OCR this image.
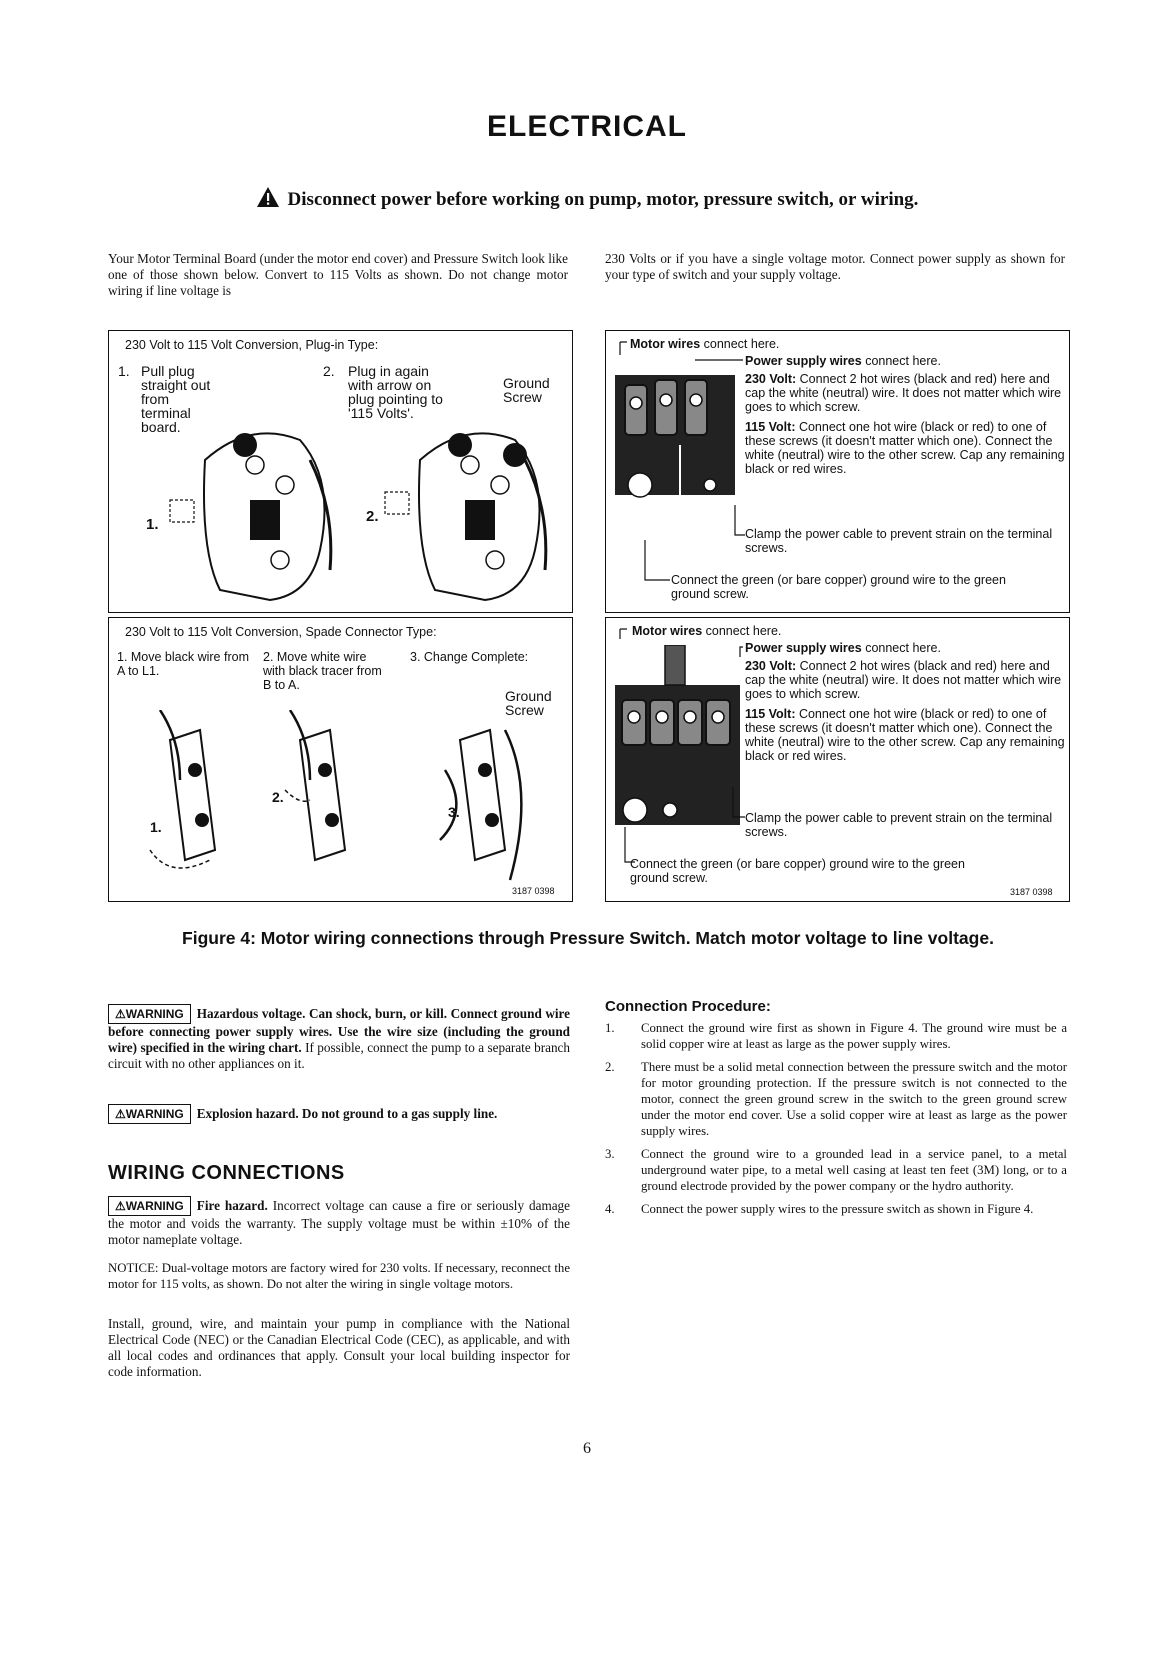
ELECTRICAL
Disconnect power before working on pump, motor, pressure switch, or wiring.
Your Motor Terminal Board (under the motor end cover) and Pressure Switch look like one of those shown below. Convert to 115 Volts as shown. Do not change motor wiring if line voltage is
230 Volts or if you have a single voltage motor. Connect power supply as shown for your type of switch and your supply voltage.
230 Volt to 115 Volt Conversion, Plug-in Type:
1. Pull plug straight out from terminal board.
2. Plug in again with arrow on plug pointing to '115 Volts'.
Ground Screw
1.	2.
230 Volt to 115 Volt Conversion, Spade Connector Type:
1. Move black wire from A to L1.
2. Move white wire with black tracer from B to A.
3. Change Complete:
Ground Screw
1.
2.
3.
3187 0398
Motor wires connect here.
Power supply wires connect here.
230 Volt: Connect 2 hot wires (black and red) here and cap the white (neutral) wire. It does not matter which wire goes to which screw.
115 Volt: Connect one hot wire (black or red) to one of these screws (it doesn't matter which one). Connect the white (neutral) wire to the other screw. Cap any remaining black or red wires.
Clamp the power cable to prevent strain on the terminal screws.
Connect the green (or bare copper) ground wire to the green ground screw.
Motor wires connect here.
Power supply wires connect here.
230 Volt: Connect 2 hot wires (black and red) here and cap the white (neutral) wire. It does not matter which wire goes to which screw.
115 Volt: Connect one hot wire (black or red) to one of these screws (it doesn't matter which one). Connect the white (neutral) wire to the other screw. Cap any remaining black or red wires.
Clamp the power cable to prevent strain on the terminal screws.
Connect the green (or bare copper) ground wire to the green ground screw.
3187 0398
Figure 4: Motor wiring connections through Pressure Switch. Match motor voltage to line voltage.
⚠WARNING Hazardous voltage. Can shock, burn, or kill. Connect ground wire before connecting power supply wires. Use the wire size (including the ground wire) specified in the wiring chart. If possible, connect the pump to a separate branch circuit with no other appliances on it.
⚠WARNING Explosion hazard. Do not ground to a gas supply line.
WIRING CONNECTIONS
⚠WARNING Fire hazard. Incorrect voltage can cause a fire or seriously damage the motor and voids the warranty. The supply voltage must be within ±10% of the motor nameplate voltage.
NOTICE: Dual-voltage motors are factory wired for 230 volts. If necessary, reconnect the motor for 115 volts, as shown. Do not alter the wiring in single voltage motors.
Install, ground, wire, and maintain your pump in compliance with the National Electrical Code (NEC) or the Canadian Electrical Code (CEC), as applicable, and with all local codes and ordinances that apply. Consult your local building inspector for code information.
Connection Procedure:
1. Connect the ground wire first as shown in Figure 4. The ground wire must be a solid copper wire at least as large as the power supply wires.
2. There must be a solid metal connection between the pressure switch and the motor for motor grounding protection. If the pressure switch is not connected to the motor, connect the green ground screw in the switch to the green ground screw under the motor end cover. Use a solid copper wire at least as large as the power supply wires.
3. Connect the ground wire to a grounded lead in a service panel, to a metal underground water pipe, to a metal well casing at least ten feet (3M) long, or to a ground electrode provided by the power company or the hydro authority.
4. Connect the power supply wires to the pressure switch as shown in Figure 4.
6
